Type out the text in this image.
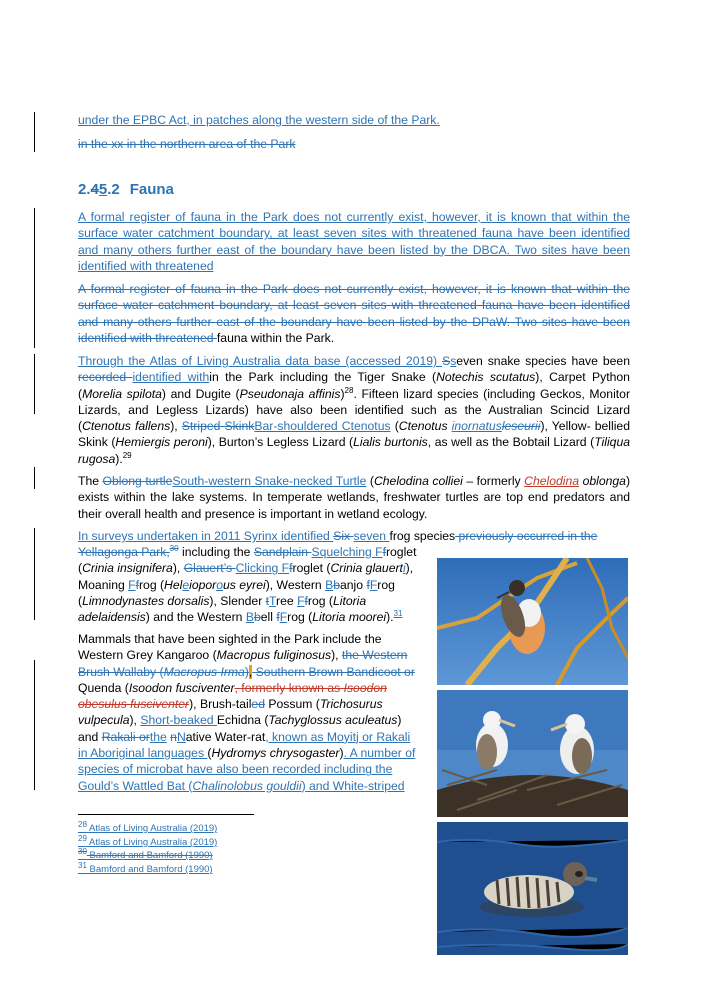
under the EPBC Act, in patches along the western side of the Park.

in the xx in the northern area of the Park

2.45.2 Fauna

A formal register of fauna in the Park does not currently exist, however, it is known that within the surface water catchment boundary, at least seven sites with threatened fauna have been identified and many others further east of the boundary have been listed by the DBCA. Two sites have been identified with threatened

A formal register of fauna in the Park does not currently exist, however, it is known that within the surface water catchment boundary, at least seven sites with threatened fauna have been identified and many others further east of the boundary have been listed by the DPaW. Two sites have been identified with threatened fauna within the Park.

Through the Atlas of Living Australia data base (accessed 2019) Sseven snake species have been recorded identified within the Park including the Tiger Snake (Notechis scutatus), Carpet Python (Morelia spilota) and Dugite (Pseudonaja affinis)$^{28}$. Fifteen lizard species (including Geckos, Monitor Lizards, and Legless Lizards) have also been identified such as the Australian Scincid Lizard (Ctenotus fallens), Striped SkinkBar-shouldered Ctenotus (Ctenotus inornatusleseurii), Yellow- bellied Skink (Hemiergis peroni), Burton’s Legless Lizard (Lialis burtonis, as well as the Bobtail Lizard (Tiliqua rugosa).$^{29}$

The Oblong turtleSouth-western Snake-necked Turtle (Chelodina colliei – formerly Chelodina oblonga) exists within the lake systems. In temperate wetlands, freshwater turtles are top end predators and their overall health and presence is important in wetland ecology.

In surveys undertaken in 2011 Syrinx identified Six seven frog species previously occurred in the

Yellagonga Park,$^{30}$ including the Sandplain Squelching Ffroglet (Crinia insignifera), Glauert’s Clicking Ffroglet (Crinia glauerti), Moaning Ffrog (Heleioporous eyrei), Western Bbanjo fFrog (Limnodynastes dorsalis), Slender tTree Ffrog (Litoria adelaidensis) and the Western Bbell fFrog (Litoria moorei).$^{31}$

Mammals that have been sighted in the Park include the Western Grey Kangaroo (Macropus fuliginosus), the Western Brush Wallaby (Macropus Irma), Southern Brown Bandicoot or Quenda (Isoodon fusciventer, formerly known as Isoodon obesulus fusciventer), Brush-tailed Possum (Trichosurus vulpecula), Short-beaked Echidna (Tachyglossus aculeatus) and Rakali orthe nNative Water-rat, known as Moyitj or Rakali in Aboriginal languages (Hydromys chrysogaster). A number of species of microbat have also been recorded including the Gould’s Wattled Bat (Chalinolobus gouldii) and White-striped

$^{28}$ Atlas of Living Australia (2019)

$^{29}$ Atlas of Living Australia (2019)

$^{30}$ Bamford and Bamford (1990)

$^{31}$ Bamford and Bamford (1990)
